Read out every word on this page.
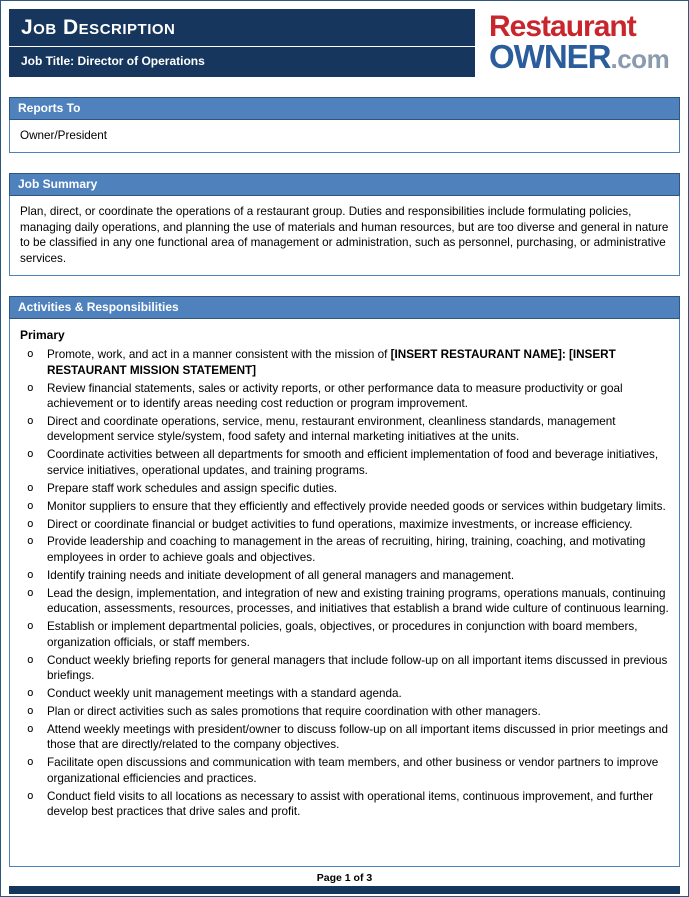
Job Description
Job Title: Director of Operations
Restaurant
OWNER.com
Reports To
Owner/President
Job Summary
Plan, direct, or coordinate the operations of a restaurant group. Duties and responsibilities include formulating policies, managing daily operations, and planning the use of materials and human resources, but are too diverse and general in nature to be classified in any one functional area of management or administration, such as personnel, purchasing, or administrative services.
Activities & Responsibilities
Primary
o Promote, work, and act in a manner consistent with the mission of [INSERT RESTAURANT NAME]: [INSERT RESTAURANT MISSION STATEMENT]
o Review financial statements, sales or activity reports, or other performance data to measure productivity or goal achievement or to identify areas needing cost reduction or program improvement.
o Direct and coordinate operations, service, menu, restaurant environment, cleanliness standards, management development service style/system, food safety and internal marketing initiatives at the units.
o Coordinate activities between all departments for smooth and efficient implementation of food and beverage initiatives, service initiatives, operational updates, and training programs.
o Prepare staff work schedules and assign specific duties.
o Monitor suppliers to ensure that they efficiently and effectively provide needed goods or services within budgetary limits.
o Direct or coordinate financial or budget activities to fund operations, maximize investments, or increase efficiency.
o Provide leadership and coaching to management in the areas of recruiting, hiring, training, coaching, and motivating employees in order to achieve goals and objectives.
o Identify training needs and initiate development of all general managers and management.
o Lead the design, implementation, and integration of new and existing training programs, operations manuals, continuing education, assessments, resources, processes, and initiatives that establish a brand wide culture of continuous learning.
o Establish or implement departmental policies, goals, objectives, or procedures in conjunction with board members, organization officials, or staff members.
o Conduct weekly briefing reports for general managers that include follow-up on all important items discussed in previous briefings.
o Conduct weekly unit management meetings with a standard agenda.
o Plan or direct activities such as sales promotions that require coordination with other managers.
o Attend weekly meetings with president/owner to discuss follow-up on all important items discussed in prior meetings and those that are directly/related to the company objectives.
o Facilitate open discussions and communication with team members, and other business or vendor partners to improve organizational efficiencies and practices.
o Conduct field visits to all locations as necessary to assist with operational items, continuous improvement, and further develop best practices that drive sales and profit.
Page 1 of 3
